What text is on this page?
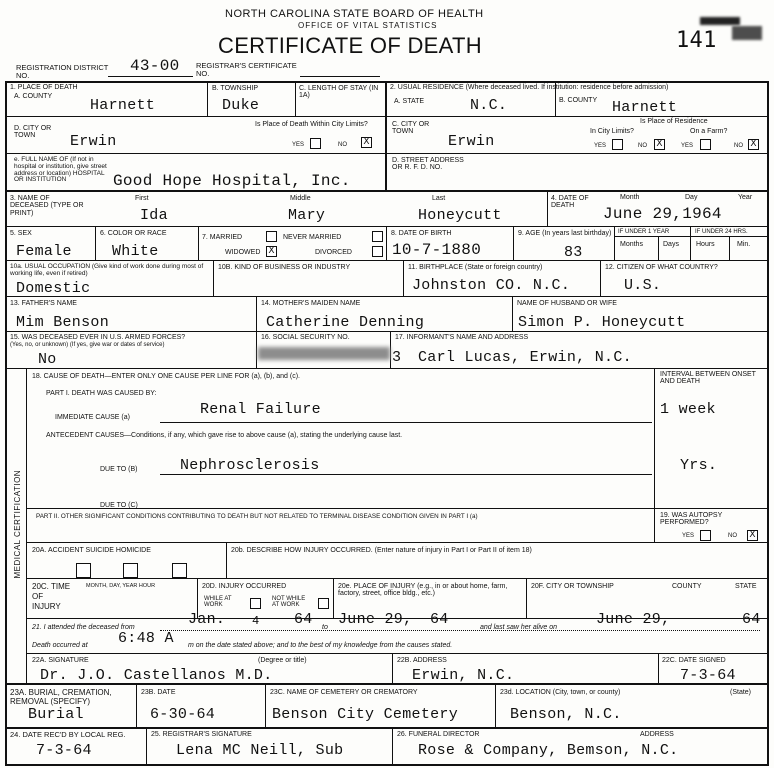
NORTH CAROLINA STATE BOARD OF HEALTH
OFFICE OF VITAL STATISTICS
CERTIFICATE OF DEATH	141
REGISTRATION DISTRICT NO.
43-00 REGISTRAR'S CERTIFICATE NO.
1. PLACE OF DEATH
A. COUNTY
Harnett
B. TOWNSHIP
Duke
C. LENGTH OF STAY (IN 1A)
D. CITY OR TOWN	Erwin
Is Place of Death Within City Limits?
YES	NO X
e. FULL NAME OF (If not in hospital or institution, give street address or location) HOSPITAL OR INSTITUTION	Good Hope Hospital, Inc.
2. USUAL RESIDENCE (Where deceased lived. If institution: residence before admission)
A. STATE	N.C.	B. COUNTY Harnett
C. CITY OR TOWN
Erwin
Is Place of Residence
In City Limits?	On a Farm?
YES	NO X	YES	NO X
D. STREET ADDRESS OR R. F. D. NO.
3. NAME OF DECEASED (TYPE OR PRINT)
First
Ida
Middle
Mary
Last
Honeycutt
4. DATE OF DEATH
Month	Day	Year
June 29,1964
5. SEX
Female
6. COLOR OR RACE
White
7. MARRIED	NEVER MARRIED
WIDOWED X	DIVORCED
8. DATE OF BIRTH
10-7-1880
9. AGE (In years last birthday)
83
IF UNDER 1 YEAR	IF UNDER 24 HRS.
Months	Days Hours	Min.
10a. USUAL OCCUPATION (Give kind of work done during most of working life, even if retired)
Domestic
10B. KIND OF BUSINESS OR INDUSTRY	11. BIRTHPLACE (State or foreign country)
Johnston CO. N.C.
12. CITIZEN OF WHAT COUNTRY?
U.S.
13. FATHER'S NAME
Mim Benson
14. MOTHER'S MAIDEN NAME
Catherine Denning
NAME OF HUSBAND OR WIFE
Simon P. Honeycutt
15. WAS DECEASED EVER IN U.S. ARMED FORCES?
(Yes, no, or unknown) (If yes, give war or dates of service)
No
16. SOCIAL SECURITY NO.
3
17. INFORMANT'S NAME AND ADDRESS
Carl Lucas, Erwin, N.C.
MEDICAL CERTIFICATION
18. CAUSE OF DEATH—ENTER ONLY ONE CAUSE PER LINE FOR (a), (b), and (c).	INTERVAL BETWEEN ONSET AND DEATH
PART I. DEATH WAS CAUSED BY:
IMMEDIATE CAUSE (a)	Renal Failure	1 week
ANTECEDENT CAUSES—Conditions, if any, which gave rise to above cause (a), stating the underlying cause last.
DUE TO (B)	Nephrosclerosis	Yrs.
DUE TO (C)
PART II. OTHER SIGNIFICANT CONDITIONS CONTRIBUTING TO DEATH BUT NOT RELATED TO TERMINAL DISEASE CONDITION GIVEN IN PART I (a)	19. WAS AUTOPSY PERFORMED?
YES	NO X
20A. ACCIDENT SUICIDE HOMICIDE	20b. DESCRIBE HOW INJURY OCCURRED. (Enter nature of injury in Part I or Part II of item 18)
20C. TIME OF INJURY
MONTH, DAY, YEAR HOUR	20D. INJURY OCCURRED
WHILE AT WORK
NOT WHILE AT WORK
20e. PLACE OF INJURY (e.g., in or about home, farm, factory, street, office bldg., etc.)
20F. CITY OR TOWNSHIP	COUNTY	STATE
21. I attended the deceased from	Jan. 4 64 to June 29, 64	and last saw her alive on	June 29,	64
Death occurred at 6:48 A m on the date stated above; and to the best of my knowledge from the causes stated.
22A. SIGNATURE	(Degree or title)
Dr. J.O. Castellanos M.D.
22B. ADDRESS
Erwin, N.C.
22C. DATE SIGNED
7-3-64
23A. BURIAL, CREMATION, REMOVAL (SPECIFY)
Burial
23B. DATE
6-30-64
23C. NAME OF CEMETERY OR CREMATORY
Benson City Cemetery
23d. LOCATION (City, town, or county)	(State)
Benson, N.C.
24. DATE REC'D BY LOCAL REG.
7-3-64
25. REGISTRAR'S SIGNATURE
Lena MC Neill, Sub
26. FUNERAL DIRECTOR	ADDRESS
Rose & Company, Bemson, N.C.
